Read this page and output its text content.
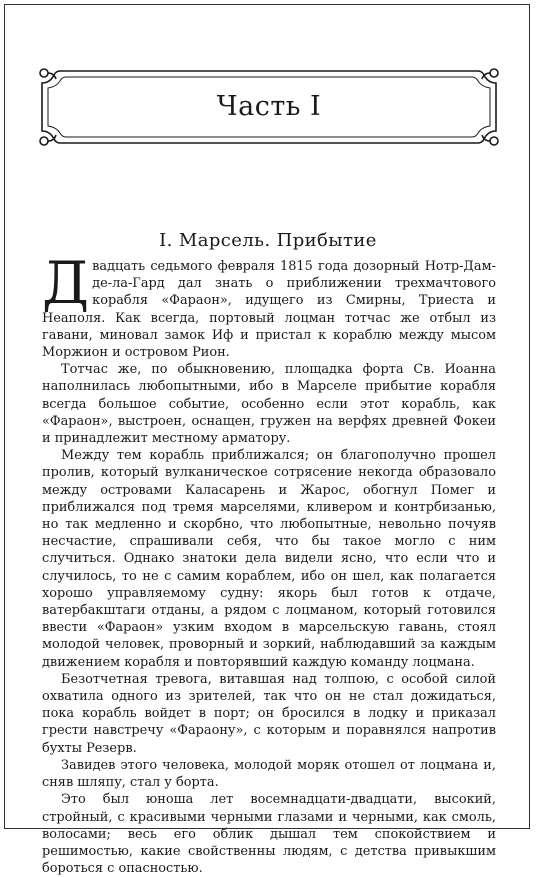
Часть I
I. Марсель. Прибытие

Двадцать седьмого февраля 1815 года дозорный Нотр-Дам-де-ла-Гард дал знать о приближении трехмачтового корабля «Фараон», идущего из Смирны, Триеста и Неаполя. Как всегда, портовый лоцман тотчас же отбыл из гавани, миновал замок Иф и пристал к кораблю между мысом Моржион и островом Рион.

Тотчас же, по обыкновению, площадка форта Св. Иоанна наполнилась любопытными, ибо в Марселе прибытие корабля всегда большое событие, особенно если этот корабль, как «Фараон», выстроен, оснащен, гружен на верфях древней Фокеи и принадлежит местному арматору.

Между тем корабль приближался; он благополучно прошел пролив, который вулканическое сотрясение некогда образовало между островами Каласарень и Жарос, обогнул Помег и приближался под тремя марселями, кливером и контрбизанью, но так медленно и скорбно, что любопытные, невольно почуяв несчастие, спрашивали себя, что бы такое могло с ним случиться. Однако знатоки дела видели ясно, что если что и случилось, то не с самим кораблем, ибо он шел, как полагается хорошо управляемому судну: якорь был готов к отдаче, ватербакштаги отданы, а рядом с лоцманом, который готовился ввести «Фараон» узким входом в марсельскую гавань, стоял молодой человек, проворный и зоркий, наблюдавший за каждым движением корабля и повторявший каждую команду лоцмана.

Безотчетная тревога, витавшая над толпою, с особой силой охватила одного из зрителей, так что он не стал дожидаться, пока корабль войдет в порт; он бросился в лодку и приказал грести навстречу «Фараону», с которым и поравнялся напротив бухты Резерв.

Завидев этого человека, молодой моряк отошел от лоцмана и, сняв шляпу, стал у борта.

Это был юноша лет восемнадцати-двадцати, высокий, стройный, с красивыми черными глазами и черными, как смоль, волосами; весь его облик дышал тем спокойствием и решимостью, какие свойственны людям, с детства привыкшим бороться с опасностью.
